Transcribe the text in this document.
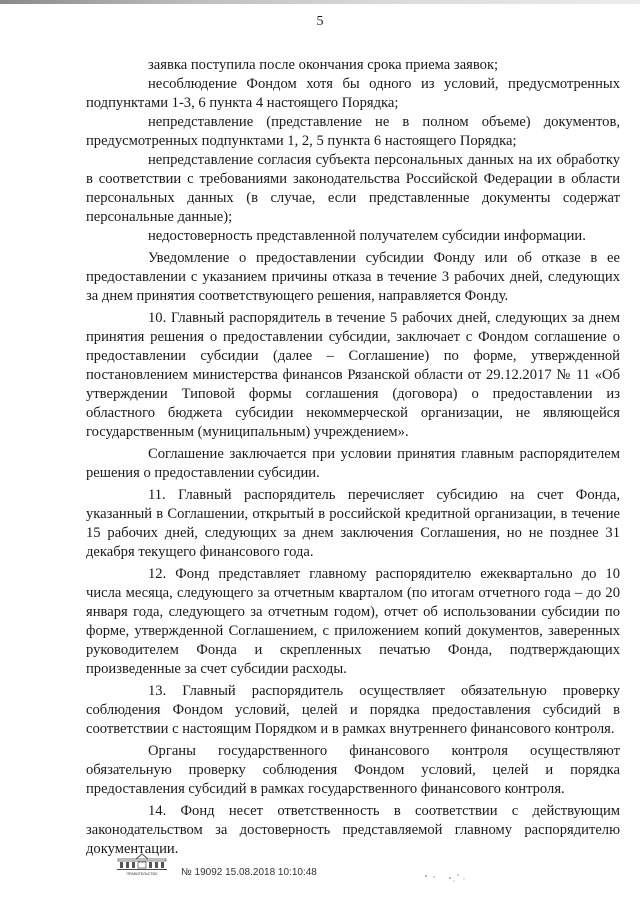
5

заявка поступила после окончания срока приема заявок;

несоблюдение Фондом хотя бы одного из условий, предусмотренных подпунктами 1-3, 6 пункта 4 настоящего Порядка;

непредставление (представление не в полном объеме) документов, предусмотренных подпунктами 1, 2, 5 пункта 6 настоящего Порядка;

непредставление согласия субъекта персональных данных на их обработку в соответствии с требованиями законодательства Российской Федерации в области персональных данных (в случае, если представленные документы содержат персональные данные);

недостоверность представленной получателем субсидии информации.

Уведомление о предоставлении субсидии Фонду или об отказе в ее предоставлении с указанием причины отказа в течение 3 рабочих дней, следующих за днем принятия соответствующего решения, направляется Фонду.

10. Главный распорядитель в течение 5 рабочих дней, следующих за днем принятия решения о предоставлении субсидии, заключает с Фондом соглашение о предоставлении субсидии (далее – Соглашение) по форме, утвержденной постановлением министерства финансов Рязанской области от 29.12.2017 № 11 «Об утверждении Типовой формы соглашения (договора) о предоставлении из областного бюджета субсидии некоммерческой организации, не являющейся государственным (муниципальным) учреждением».

Соглашение заключается при условии принятия главным распорядителем решения о предоставлении субсидии.

11. Главный распорядитель перечисляет субсидию на счет Фонда, указанный в Соглашении, открытый в российской кредитной организации, в течение 15 рабочих дней, следующих за днем заключения Соглашения, но не позднее 31 декабря текущего финансового года.

12. Фонд представляет главному распорядителю ежеквартально до 10 числа месяца, следующего за отчетным кварталом (по итогам отчетного года – до 20 января года, следующего за отчетным годом), отчет об использовании субсидии по форме, утвержденной Соглашением, с приложением копий документов, заверенных руководителем Фонда и скрепленных печатью Фонда, подтверждающих произведенные за счет субсидии расходы.

13. Главный распорядитель осуществляет обязательную проверку соблюдения Фондом условий, целей и порядка предоставления субсидий в соответствии с настоящим Порядком и в рамках внутреннего финансового контроля.

Органы государственного финансового контроля осуществляют обязательную проверку соблюдения Фондом условий, целей и порядка предоставления субсидий в рамках государственного финансового контроля.

14. Фонд несет ответственность в соответствии с действующим законодательством за достоверность представляемой главному распорядителю документации.

ПРАВИТЕЛЬСТВО № 19092 15.08.2018 10:10:48
